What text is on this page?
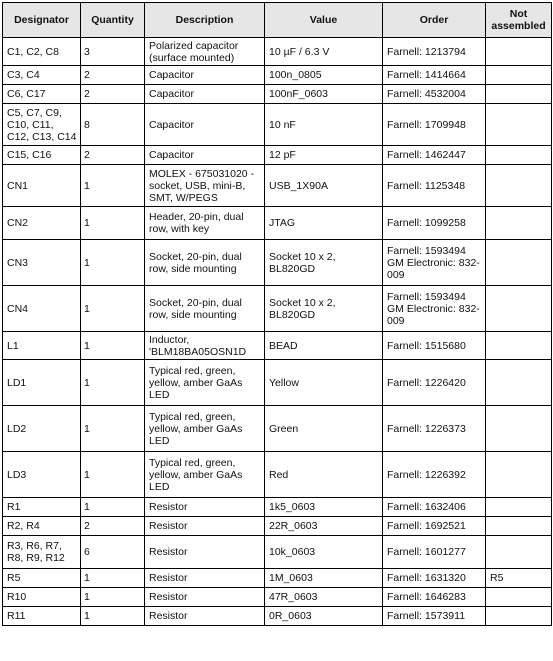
Designator	Quantity	Description	Value	Order	Not assembled
C1, C2, C8	3	Polarized capacitor (surface mounted)	10 µF / 6.3 V	Farnell: 1213794	
C3, C4	2	Capacitor	100n_0805	Farnell: 1414664	
C6, C17	2	Capacitor	100nF_0603	Farnell: 4532004	
C5, C7, C9, C10, C11, C12, C13, C14	8	Capacitor	10 nF	Farnell: 1709948	
C15, C16	2	Capacitor	12 pF	Farnell: 1462447	
CN1	1	MOLEX - 675031020 - socket, USB, mini-B, SMT, W/PEGS	USB_1X90A	Farnell: 1125348	
CN2	1	Header, 20-pin, dual row, with key	JTAG	Farnell: 1099258	
CN3	1	Socket, 20-pin, dual row, side mounting	Socket 10 x 2, BL820GD	Farnell: 1593494 GM Electronic: 832-009	
CN4	1	Socket, 20-pin, dual row, side mounting	Socket 10 x 2, BL820GD	Farnell: 1593494 GM Electronic: 832-009	
L1	1	Inductor, 'BLM18BA05OSN1D	BEAD	Farnell: 1515680	
LD1	1	Typical red, green, yellow, amber GaAs LED	Yellow	Farnell: 1226420	
LD2	1	Typical red, green, yellow, amber GaAs LED	Green	Farnell: 1226373	
LD3	1	Typical red, green, yellow, amber GaAs LED	Red	Farnell: 1226392	
R1	1	Resistor	1k5_0603	Farnell: 1632406	
R2, R4	2	Resistor	22R_0603	Farnell: 1692521	
R3, R6, R7, R8, R9, R12	6	Resistor	10k_0603	Farnell: 1601277	
R5	1	Resistor	1M_0603	Farnell: 1631320	R5
R10	1	Resistor	47R_0603	Farnell: 1646283	
R11	1	Resistor	0R_0603	Farnell: 1573911	
